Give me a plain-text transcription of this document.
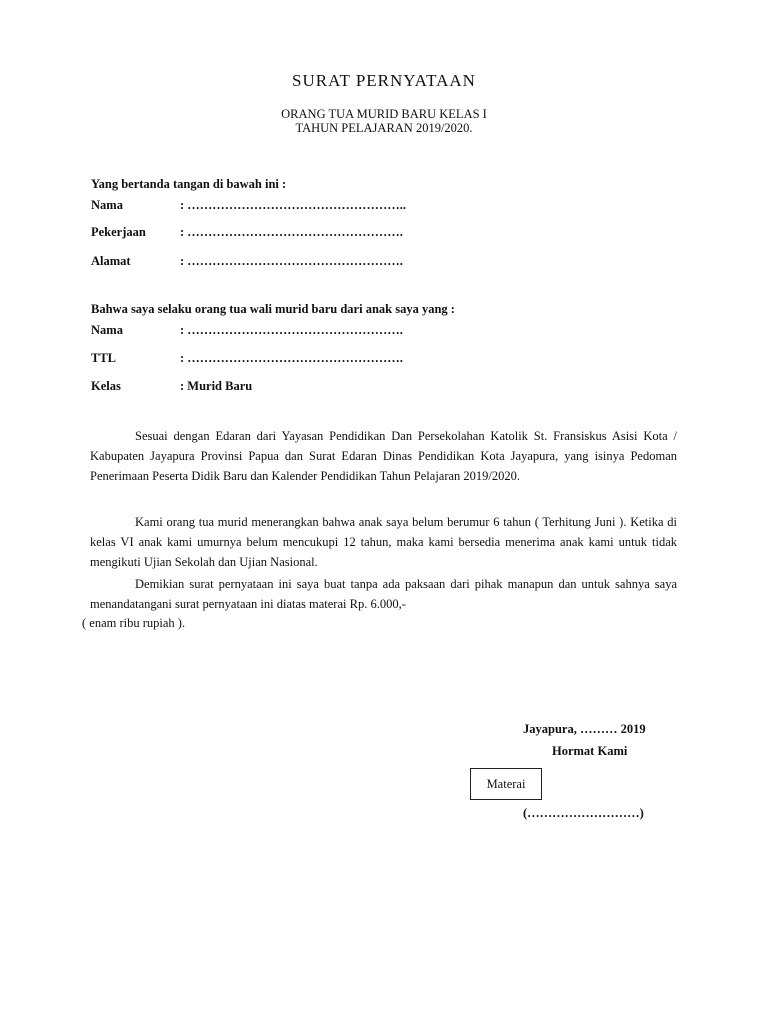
SURAT PERNYATAAN
ORANG TUA MURID BARU KELAS I
TAHUN PELAJARAN 2019/2020.
Yang bertanda tangan di bawah ini :
Nama	: ……………………………………………..
Pekerjaan	: …………………………………………….
Alamat	: …………………………………………….
Bahwa saya selaku orang tua wali murid baru dari anak saya yang :
Nama	: …………………………………………….
TTL	: …………………………………………….
Kelas	: Murid Baru
Sesuai dengan Edaran dari Yayasan Pendidikan Dan Persekolahan Katolik St. Fransiskus Asisi Kota / Kabupaten Jayapura Provinsi Papua dan Surat Edaran Dinas Pendidikan Kota Jayapura, yang isinya Pedoman Penerimaan Peserta Didik Baru dan Kalender Pendidikan Tahun Pelajaran 2019/2020.
Kami orang tua murid menerangkan bahwa anak saya belum berumur 6 tahun ( Terhitung Juni ). Ketika di kelas VI anak kami umurnya belum mencukupi 12 tahun, maka kami bersedia menerima anak kami untuk tidak mengikuti Ujian Sekolah dan Ujian Nasional.
Demikian surat pernyataan ini saya buat tanpa ada paksaan dari pihak manapun dan untuk sahnya saya menandatangani surat pernyataan ini diatas materai Rp. 6.000,-
( enam ribu rupiah ).
Jayapura, ……… 2019
Hormat Kami
Materai
(………………………)
